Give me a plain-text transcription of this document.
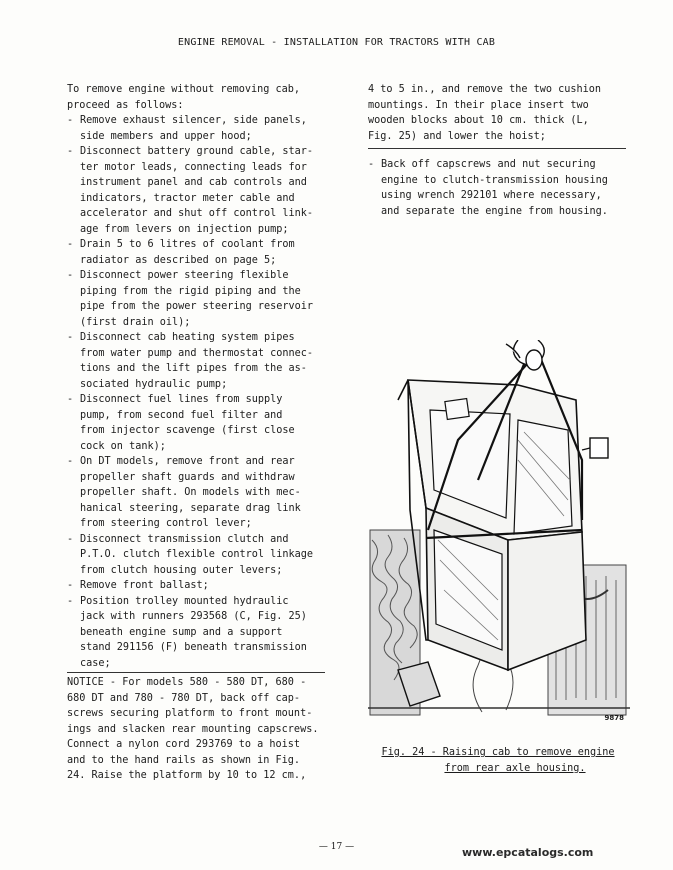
ENGINE REMOVAL - INSTALLATION FOR TRACTORS WITH CAB

To remove engine without removing cab,

proceed as follows:

- Remove exhaust silencer, side panels,

side members and upper hood;

- Disconnect battery ground cable, star-

ter motor leads, connecting leads for

instrument panel and cab controls and

indicators, tractor meter cable and

accelerator and shut off control link-

age from levers on injection pump;

- Drain 5 to 6 litres of coolant from

radiator as described on page 5;

- Disconnect power steering flexible

piping from the rigid piping and the

pipe from the power steering reservoir

(first drain oil);

- Disconnect cab heating system pipes

from water pump and thermostat connec-

tions and the lift pipes from the as-

sociated hydraulic pump;

- Disconnect fuel lines from supply

pump, from second fuel filter and

from injector scavenge (first close

cock on tank);

- On DT models, remove front and rear

propeller shaft guards and withdraw

propeller shaft. On models with mec-

hanical steering, separate drag link

from steering control lever;

- Disconnect transmission clutch and

P.T.O. clutch flexible control linkage

from clutch housing outer levers;

- Remove front ballast;

- Position trolley mounted hydraulic

jack with runners 293568 (C, Fig. 25)

beneath engine sump and a support

stand 291156 (F) beneath transmission

case;

NOTICE - For models 580 - 580 DT, 680 -

680 DT and 780 - 780 DT, back off cap-

screws securing platform to front mount-

ings and slacken rear mounting capscrews.

Connect a nylon cord 293769 to a hoist

and to the hand rails as shown in Fig.

24. Raise the platform by 10 to 12 cm.,

4 to 5 in., and remove the two cushion

mountings. In their place insert two

wooden blocks about 10 cm. thick (L,

Fig. 25) and lower the hoist;

- Back off capscrews and nut securing

engine to clutch-transmission housing

using wrench 292101 where necessary,

and separate the engine from housing.

9878
Fig. 24 - Raising cab to remove engine
from rear axle housing.
— 17 —	www.epcatalogs.com
